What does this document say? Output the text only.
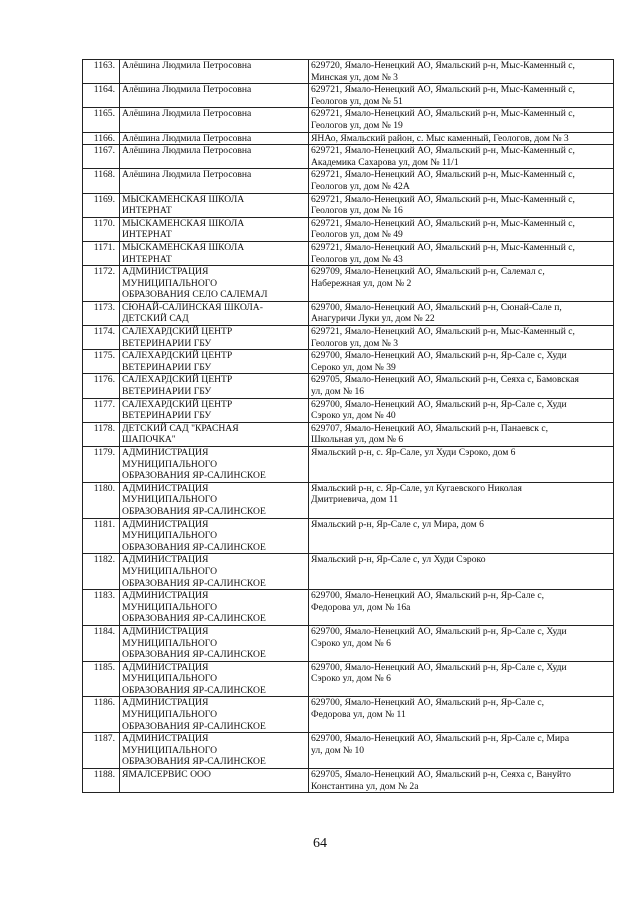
1163.	Алёшина Людмила Петросовна	629720, Ямало-Ненецкий АО, Ямальский р-н, Мыс-Каменный с,
Минская ул, дом № 3

1164.	Алёшина Людмила Петросовна	629721, Ямало-Ненецкий АО, Ямальский р-н, Мыс-Каменный с,
Геологов ул, дом № 51

1165.	Алёшина Людмила Петросовна	629721, Ямало-Ненецкий АО, Ямальский р-н, Мыс-Каменный с,
Геологов ул, дом № 19

1166.	Алёшина Людмила Петросовна	ЯНАо, Ямальский район, с. Мыс каменный, Геологов, дом № 3

1167.	Алёшина Людмила Петросовна	629721, Ямало-Ненецкий АО, Ямальский р-н, Мыс-Каменный с,
Академика Сахарова ул, дом № 11/1

1168.	Алёшина Людмила Петросовна	629721, Ямало-Ненецкий АО, Ямальский р-н, Мыс-Каменный с,
Геологов ул, дом № 42А

1169.	МЫСКАМЕНСКАЯ ШКОЛА
ИНТЕРНАТ	629721, Ямало-Ненецкий АО, Ямальский р-н, Мыс-Каменный с,
Геологов ул, дом № 16

1170.	МЫСКАМЕНСКАЯ ШКОЛА
ИНТЕРНАТ	629721, Ямало-Ненецкий АО, Ямальский р-н, Мыс-Каменный с,
Геологов ул, дом № 49

1171.	МЫСКАМЕНСКАЯ ШКОЛА
ИНТЕРНАТ	629721, Ямало-Ненецкий АО, Ямальский р-н, Мыс-Каменный с,
Геологов ул, дом № 43

1172.	АДМИНИСТРАЦИЯ
МУНИЦИПАЛЬНОГО
ОБРАЗОВАНИЯ СЕЛО САЛЕМАЛ	629709, Ямало-Ненецкий АО, Ямальский р-н, Салемал с,
Набережная ул, дом № 2

1173.	СЮНАЙ-САЛИНСКАЯ ШКОЛА-
ДЕТСКИЙ САД	629700, Ямало-Ненецкий АО, Ямальский р-н, Сюнай-Сале п,
Анагуричи Луки ул, дом № 22

1174.	САЛЕХАРДСКИЙ ЦЕНТР
ВЕТЕРИНАРИИ ГБУ	629721, Ямало-Ненецкий АО, Ямальский р-н, Мыс-Каменный с,
Геологов ул, дом № 3

1175.	САЛЕХАРДСКИЙ ЦЕНТР
ВЕТЕРИНАРИИ ГБУ	629700, Ямало-Ненецкий АО, Ямальский р-н, Яр-Сале с, Худи
Сероко ул, дом № 39

1176.	САЛЕХАРДСКИЙ ЦЕНТР
ВЕТЕРИНАРИИ ГБУ	629705, Ямало-Ненецкий АО, Ямальский р-н, Сеяха с, Бамовская
ул, дом № 16

1177.	САЛЕХАРДСКИЙ ЦЕНТР
ВЕТЕРИНАРИИ ГБУ	629700, Ямало-Ненецкий АО, Ямальский р-н, Яр-Сале с, Худи
Сэроко ул, дом № 40

1178.	ДЕТСКИЙ САД "КРАСНАЯ
ШАПОЧКА"	629707, Ямало-Ненецкий АО, Ямальский р-н, Панаевск с,
Школьная ул, дом № 6

1179.	АДМИНИСТРАЦИЯ
МУНИЦИПАЛЬНОГО
ОБРАЗОВАНИЯ ЯР-САЛИНСКОЕ	Ямальский р-н, с. Яр-Сале, ул Худи Сэроко, дом 6

1180.	АДМИНИСТРАЦИЯ
МУНИЦИПАЛЬНОГО
ОБРАЗОВАНИЯ ЯР-САЛИНСКОЕ	Ямальский р-н, с. Яр-Сале, ул Кугаевского Николая
Дмитриевича, дом 11

1181.	АДМИНИСТРАЦИЯ
МУНИЦИПАЛЬНОГО
ОБРАЗОВАНИЯ ЯР-САЛИНСКОЕ	Ямальский р-н, Яр-Сале с, ул Мира, дом 6

1182.	АДМИНИСТРАЦИЯ
МУНИЦИПАЛЬНОГО
ОБРАЗОВАНИЯ ЯР-САЛИНСКОЕ	Ямальский р-н, Яр-Сале с, ул Худи Сэроко

1183.	АДМИНИСТРАЦИЯ
МУНИЦИПАЛЬНОГО
ОБРАЗОВАНИЯ ЯР-САЛИНСКОЕ	629700, Ямало-Ненецкий АО, Ямальский р-н, Яр-Сале с,
Федорова ул, дом № 16а

1184.	АДМИНИСТРАЦИЯ
МУНИЦИПАЛЬНОГО
ОБРАЗОВАНИЯ ЯР-САЛИНСКОЕ	629700, Ямало-Ненецкий АО, Ямальский р-н, Яр-Сале с, Худи
Сэроко ул, дом № 6

1185.	АДМИНИСТРАЦИЯ
МУНИЦИПАЛЬНОГО
ОБРАЗОВАНИЯ ЯР-САЛИНСКОЕ	629700, Ямало-Ненецкий АО, Ямальский р-н, Яр-Сале с, Худи
Сэроко ул, дом № 6

1186.	АДМИНИСТРАЦИЯ
МУНИЦИПАЛЬНОГО
ОБРАЗОВАНИЯ ЯР-САЛИНСКОЕ	629700, Ямало-Ненецкий АО, Ямальский р-н, Яр-Сале с,
Федорова ул, дом № 11

1187.	АДМИНИСТРАЦИЯ
МУНИЦИПАЛЬНОГО
ОБРАЗОВАНИЯ ЯР-САЛИНСКОЕ	629700, Ямало-Ненецкий АО, Ямальский р-н, Яр-Сале с, Мира
ул, дом № 10

1188.	ЯМАЛСЕРВИС ООО	629705, Ямало-Ненецкий АО, Ямальский р-н, Сеяха с, Вануйто
Константина ул, дом № 2а
64
